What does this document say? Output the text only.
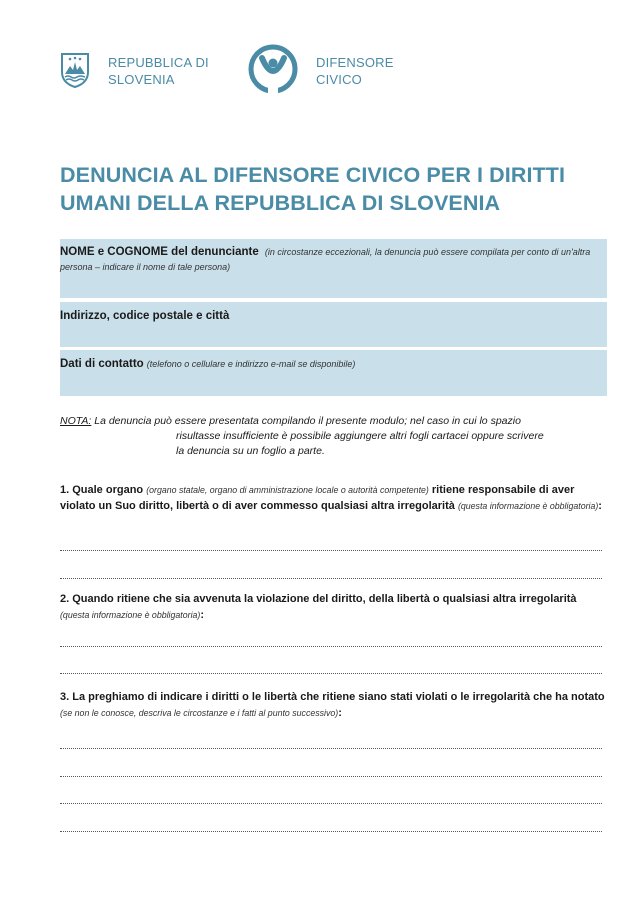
REPUBBLICA DI
SLOVENIA
DIFENSORE
CIVICO
DENUNCIA AL DIFENSORE CIVICO PER I DIRITTI
UMANI DELLA REPUBBLICA DI SLOVENIA
NOME e COGNOME del denunciante (in circostanze eccezionali, la denuncia può essere compilata per conto di un'altra persona – indicare il nome di tale persona)
Indirizzo, codice postale e città
Dati di contatto (telefono o cellulare e indirizzo e-mail se disponibile)
NOTA: La denuncia può essere presentata compilando il presente modulo; nel caso in cui lo spazio
risultasse insufficiente è possibile aggiungere altri fogli cartacei oppure scrivere
la denuncia su un foglio a parte.
1. Quale organo (organo statale, organo di amministrazione locale o autorità competente) ritiene responsabile di aver violato un Suo diritto, libertà o di aver commesso qualsiasi altra irregolarità (questa informazione è obbligatoria):
2. Quando ritiene che sia avvenuta la violazione del diritto, della libertà o qualsiasi altra irregolarità (questa informazione è obbligatoria):
3. La preghiamo di indicare i diritti o le libertà che ritiene siano stati violati o le irregolarità che ha notato (se non le conosce, descriva le circostanze e i fatti al punto successivo):
